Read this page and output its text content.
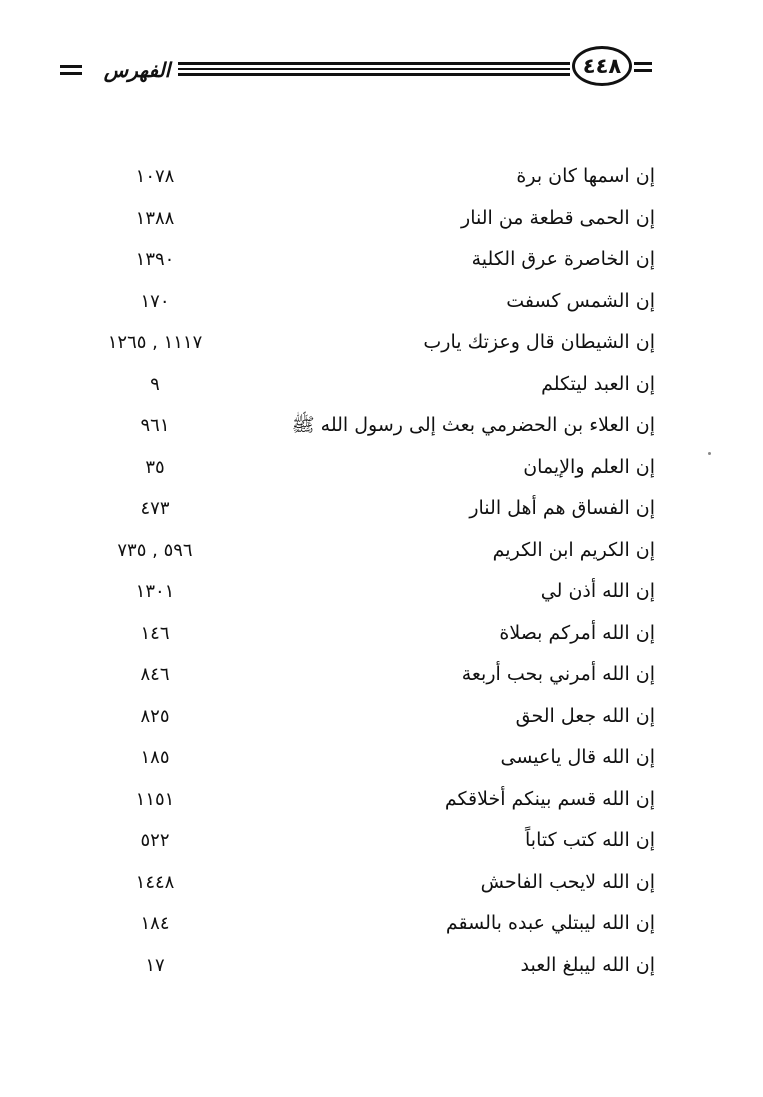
الفهرس	٤٤٨
إن اسمها كان برة
١٠٧٨
إن الحمى قطعة من النار
١٣٨٨
إن الخاصرة عرق الكلية
١٣٩٠
إن الشمس كسفت
١٧٠
إن الشيطان قال وعزتك يارب
١١١٧ , ١٢٦٥
إن العبد ليتكلم
٩
إن العلاء بن الحضرمي بعث إلى رسول الله ﷺ
٩٦١
إن العلم والإيمان
٣٥
إن الفساق هم أهل النار
٤٧٣
إن الكريم ابن الكريم
٥٩٦ , ٧٣٥
إن الله أذن لي
١٣٠١
إن الله أمركم بصلاة
١٤٦
إن الله أمرني بحب أربعة
٨٤٦
إن الله جعل الحق
٨٢٥
إن الله قال ياعيسى
١٨٥
إن الله قسم بينكم أخلاقكم
١١٥١
إن الله كتب كتاباً
٥٢٢
إن الله لايحب الفاحش
١٤٤٨
إن الله ليبتلي عبده بالسقم
١٨٤
إن الله ليبلغ العبد
١٧
